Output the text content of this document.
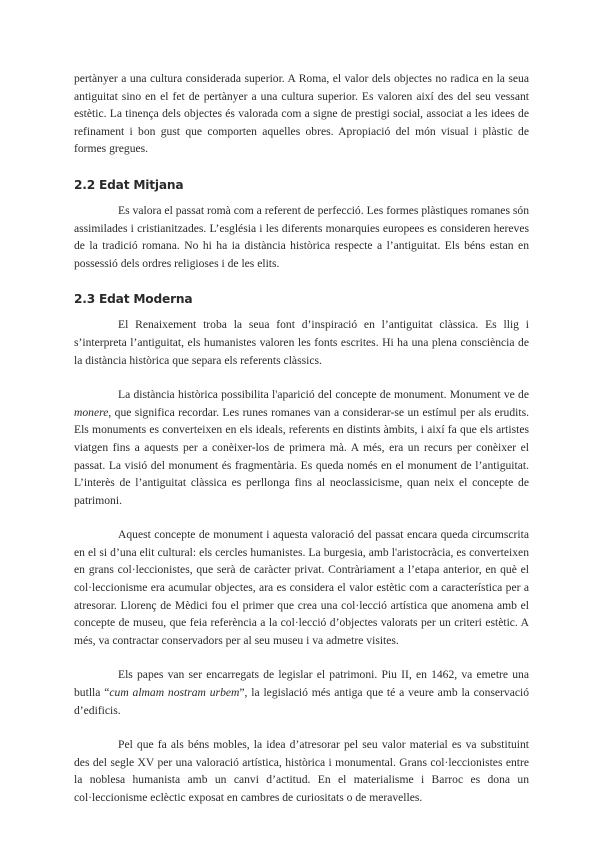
pertànyer a una cultura considerada superior. A Roma, el valor dels objectes no radica en la seua antiguitat sino en el fet de pertànyer a una cultura superior. Es valoren així des del seu vessant estètic. La tinença dels objectes és valorada com a signe de prestigi social, associat a les idees de refinament i bon gust que comporten aquelles obres. Apropiació del món visual i plàstic de formes gregues.

2.2 Edat Mitjana

Es valora el passat romà com a referent de perfecció. Les formes plàstiques romanes són assimilades i cristianitzades. L’església i les diferents monarquies europees es consideren hereves de la tradició romana. No hi ha ia distància històrica respecte a l’antiguitat. Els béns estan en possessió dels ordres religioses i de les elits.

2.3 Edat Moderna

El Renaixement troba la seua font d’inspiració en l’antiguitat clàssica. Es llig i s’interpreta l’antiguitat, els humanistes valoren les fonts escrites. Hi ha una plena consciència de la distància històrica que separa els referents clàssics.

La distància històrica possibilita l'aparició del concepte de monument. Monument ve de monere, que significa recordar. Les runes romanes van a considerar-se un estímul per als erudits. Els monuments es converteixen en els ideals, referents en distints àmbits, i així fa que els artistes viatgen fins a aquests per a conèixer-los de primera mà. A més, era un recurs per conèixer el passat. La visió del monument és fragmentària. Es queda només en el monument de l’antiguitat. L’interès de l’antiguitat clàssica es perllonga fins al neoclassicisme, quan neix el concepte de patrimoni.

Aquest concepte de monument i aquesta valoració del passat encara queda circumscrita en el si d’una elit cultural: els cercles humanistes. La burgesia, amb l'aristocràcia, es converteixen en grans col·leccionistes, que serà de caràcter privat. Contràriament a l’etapa anterior, en què el col·leccionisme era acumular objectes, ara es considera el valor estètic com a característica per a atresorar. Llorenç de Mèdici fou el primer que crea una col·lecció artística que anomena amb el concepte de museu, que feia referència a la col·lecció d’objectes valorats per un criteri estètic. A més, va contractar conservadors per al seu museu i va admetre visites.

Els papes van ser encarregats de legislar el patrimoni. Piu II, en 1462, va emetre una butlla “cum almam nostram urbem”, la legislació més antiga que té a veure amb la conservació d’edificis.

Pel que fa als béns mobles, la idea d’atresorar pel seu valor material es va substituint des del segle XV per una valoració artística, històrica i monumental. Grans col·leccionistes entre la noblesa humanista amb un canvi d’actitud. En el materialisme i Barroc es dona un col·leccionisme eclèctic exposat en cambres de curiositats o de meravelles.
